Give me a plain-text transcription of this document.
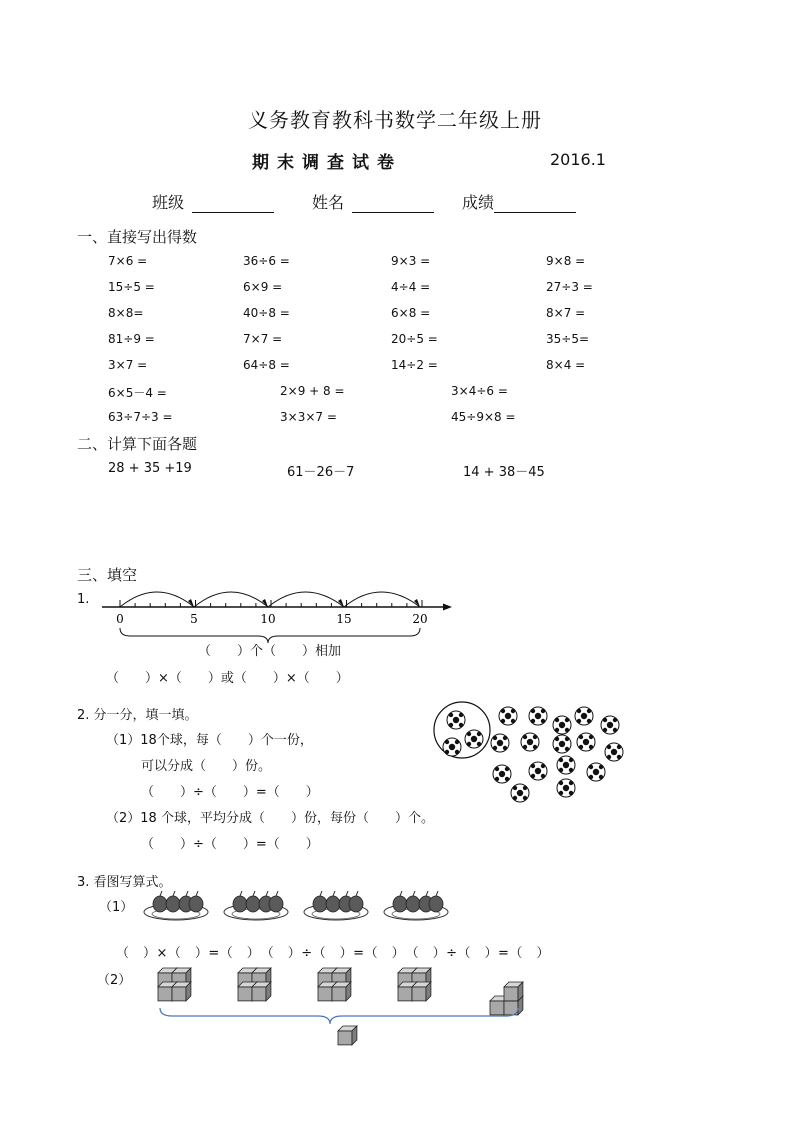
义务教育教科书数学二年级上册
期末调查试卷	2016.1
班级	姓名	成绩
一、直接写出得数
7×6 =	36÷6 =	9×3 =	9×8 =
15÷5 =	6×9 =	4÷4 =	27÷3 =
8×8=	40÷8 =	6×8 =	8×7 =
81÷9 =	7×7 =	20÷5 =	35÷5=
3×7 =	64÷8 =	14÷2 =	8×4 =
6×5－4 =	2×9 + 8 =	3×4÷6 =
63÷7÷3 =	3×3×7 =	45÷9×8 =
二、计算下面各题
28 + 35 +19	61－26－7	14 + 38－45
三、填空
1.
0	5	10	15	20
（　　）个（　　）相加
（　　）×（　　）或（　　）×（　　）
2. 分一分，填一填。
（1）18个球，每（　　）个一份，
可以分成（　　）份。
（　　）÷（　　）=（　　）
（2）18 个球，平均分成（　　）份，每份（　　）个。
（　　）÷（　　）=（　　）
3. 看图写算式。
（1）
（　）×（　）=（　）　（　）÷（　）=（　）　（　）÷（　）=（　）
（2）
